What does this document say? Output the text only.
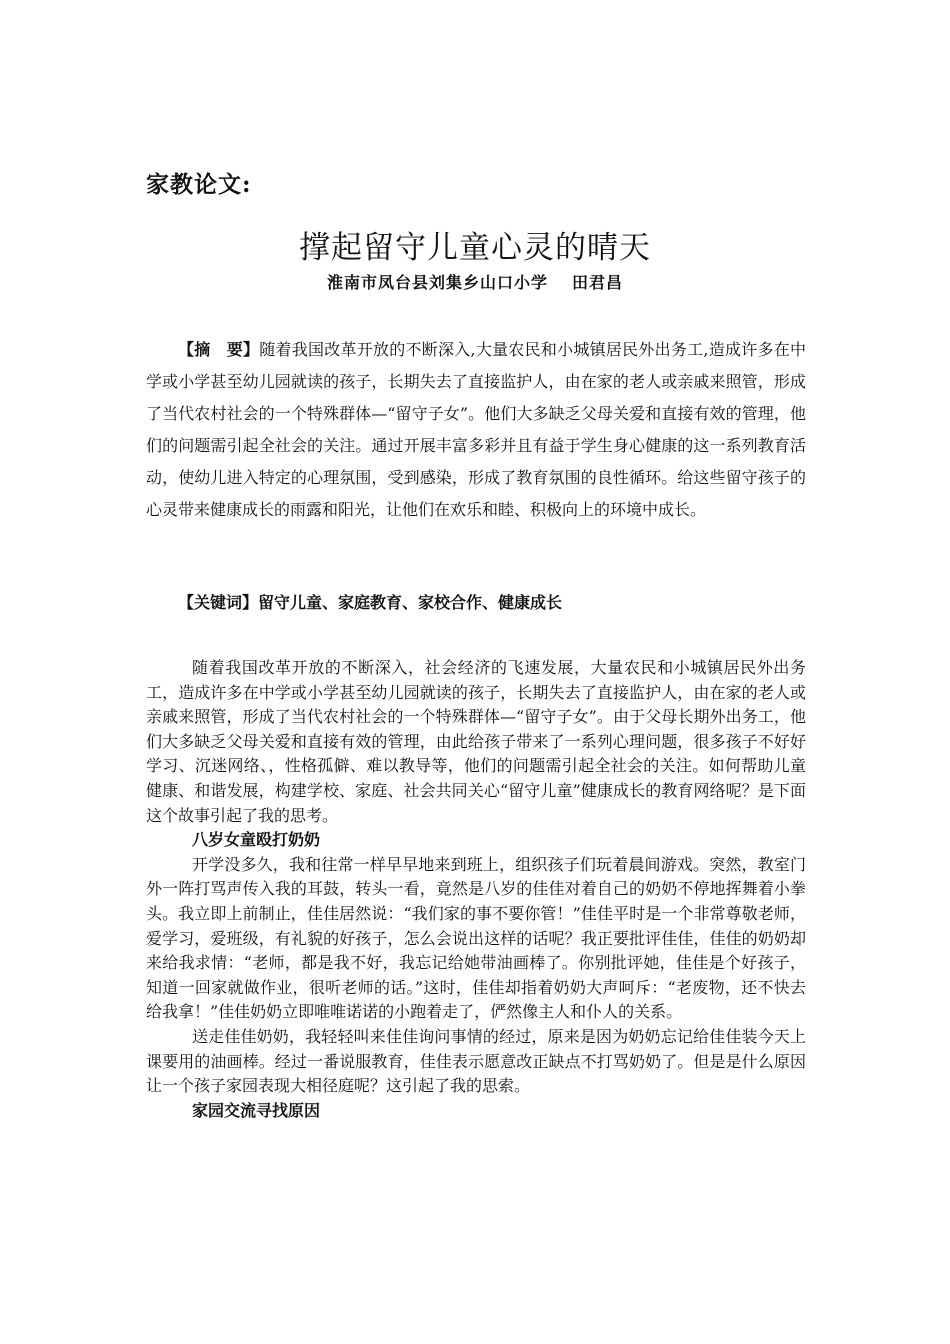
家教论文:
撑起留守儿童心灵的晴天
淮南市凤台县刘集乡山口小学 田君昌

【摘　要】随着我国改革开放的不断深入,大量农民和小城镇居民外出务工,造成许多在中学或小学甚至幼儿园就读的孩子，长期失去了直接监护人，由在家的老人或亲戚来照管，形成了当代农村社会的一个特殊群体—“留守子女”。他们大多缺乏父母关爱和直接有效的管理，他们的问题需引起全社会的关注。通过开展丰富多彩并且有益于学生身心健康的这一系列教育活动，使幼儿进入特定的心理氛围，受到感染，形成了教育氛围的良性循环。给这些留守孩子的心灵带来健康成长的雨露和阳光，让他们在欢乐和睦、积极向上的环境中成长。

【关键词】留守儿童、家庭教育、家校合作、健康成长

随着我国改革开放的不断深入，社会经济的飞速发展，大量农民和小城镇居民外出务工，造成许多在中学或小学甚至幼儿园就读的孩子，长期失去了直接监护人，由在家的老人或亲戚来照管，形成了当代农村社会的一个特殊群体—“留守子女”。由于父母长期外出务工，他们大多缺乏父母关爱和直接有效的管理，由此给孩子带来了一系列心理问题，很多孩子不好好学习、沉迷网络、，性格孤僻、难以教导等，他们的问题需引起全社会的关注。如何帮助儿童健康、和谐发展，构建学校、家庭、社会共同关心“留守儿童”健康成长的教育网络呢？是下面这个故事引起了我的思考。

八岁女童殴打奶奶

开学没多久，我和往常一样早早地来到班上，组织孩子们玩着晨间游戏。突然，教室门外一阵打骂声传入我的耳鼓，转头一看，竟然是八岁的佳佳对着自己的奶奶不停地挥舞着小拳头。我立即上前制止，佳佳居然说：“我们家的事不要你管！”佳佳平时是一个非常尊敬老师，爱学习，爱班级，有礼貌的好孩子，怎么会说出这样的话呢？我正要批评佳佳，佳佳的奶奶却来给我求情：“老师，都是我不好，我忘记给她带油画棒了。你别批评她，佳佳是个好孩子，知道一回家就做作业，很听老师的话。”这时，佳佳却指着奶奶大声呵斥：“老废物，还不快去给我拿！”佳佳奶奶立即唯唯诺诺的小跑着走了，俨然像主人和仆人的关系。

送走佳佳奶奶，我轻轻叫来佳佳询问事情的经过，原来是因为奶奶忘记给佳佳装今天上课要用的油画棒。经过一番说服教育，佳佳表示愿意改正缺点不打骂奶奶了。但是是什么原因让一个孩子家园表现大相径庭呢？这引起了我的思索。

家园交流寻找原因
